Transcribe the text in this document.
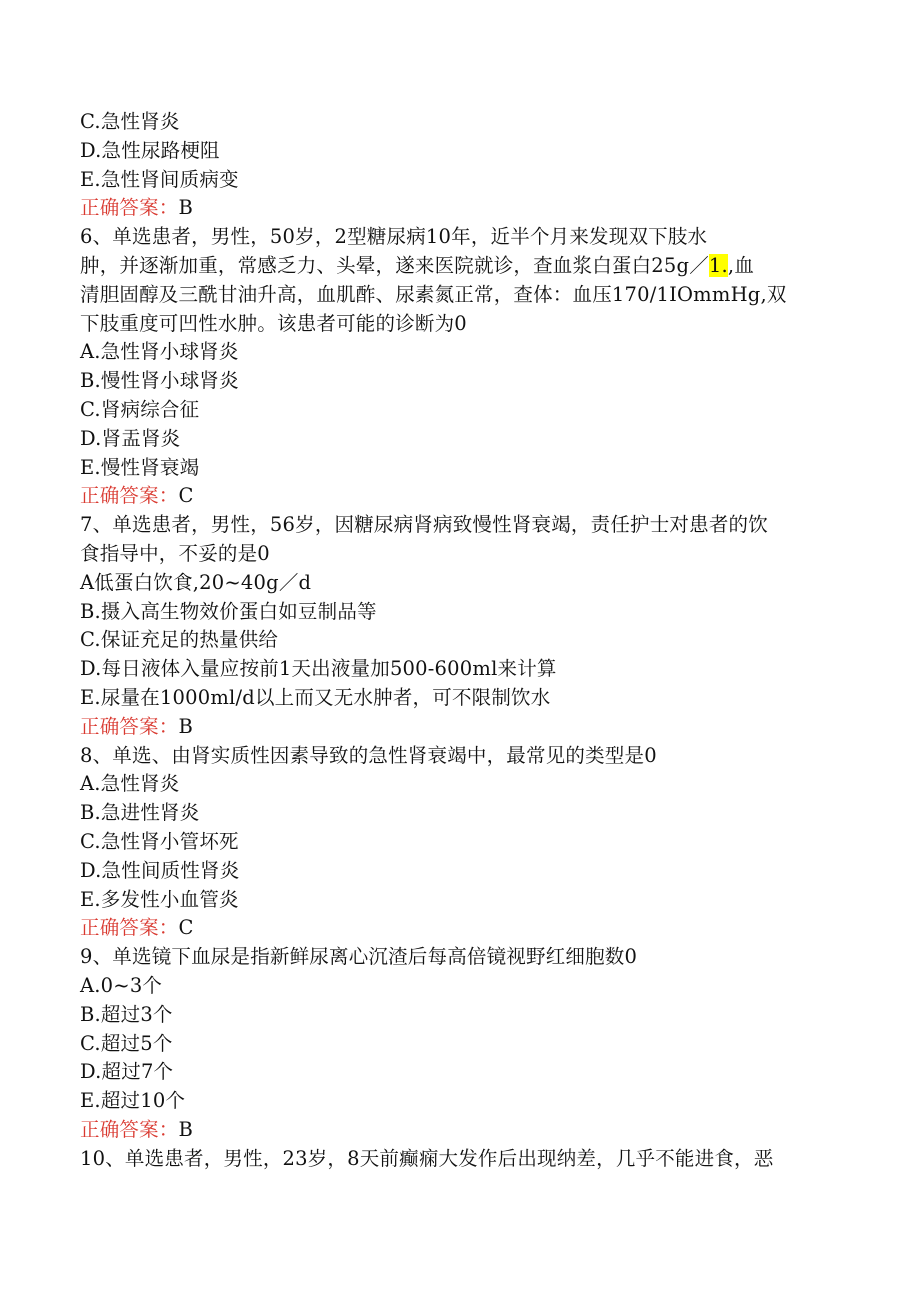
C.急性肾炎
D.急性尿路梗阻
E.急性肾间质病变
正确答案：B
6、单选患者，男性，50岁，2型糖尿病10年，近半个月来发现双下肢水
肿，并逐渐加重，常感乏力、头晕，遂来医院就诊，查血浆白蛋白25g／1.,血
清胆固醇及三酰甘油升高，血肌酢、尿素氮正常，查体：血压170/1IOmmHg,双
下肢重度可凹性水肿。该患者可能的诊断为0
A.急性肾小球肾炎
B.慢性肾小球肾炎
C.肾病综合征
D.肾盂肾炎
E.慢性肾衰竭
正确答案：C
7、单选患者，男性，56岁，因糖尿病肾病致慢性肾衰竭，责任护士对患者的饮
食指导中，不妥的是0
A低蛋白饮食,20~40g／d
B.摄入高生物效价蛋白如豆制品等
C.保证充足的热量供给
D.每日液体入量应按前1天出液量加500-600ml来计算
E.尿量在1000ml/d以上而又无水肿者，可不限制饮水
正确答案：B
8、单选、由肾实质性因素导致的急性肾衰竭中，最常见的类型是0
A.急性肾炎
B.急进性肾炎
C.急性肾小管坏死
D.急性间质性肾炎
E.多发性小血管炎
正确答案：C
9、单选镜下血尿是指新鲜尿离心沉渣后每高倍镜视野红细胞数0
A.0~3个
B.超过3个
C.超过5个
D.超过7个
E.超过10个
正确答案：B
10、单选患者，男性，23岁，8天前癫痫大发作后出现纳差，几乎不能进食，恶
